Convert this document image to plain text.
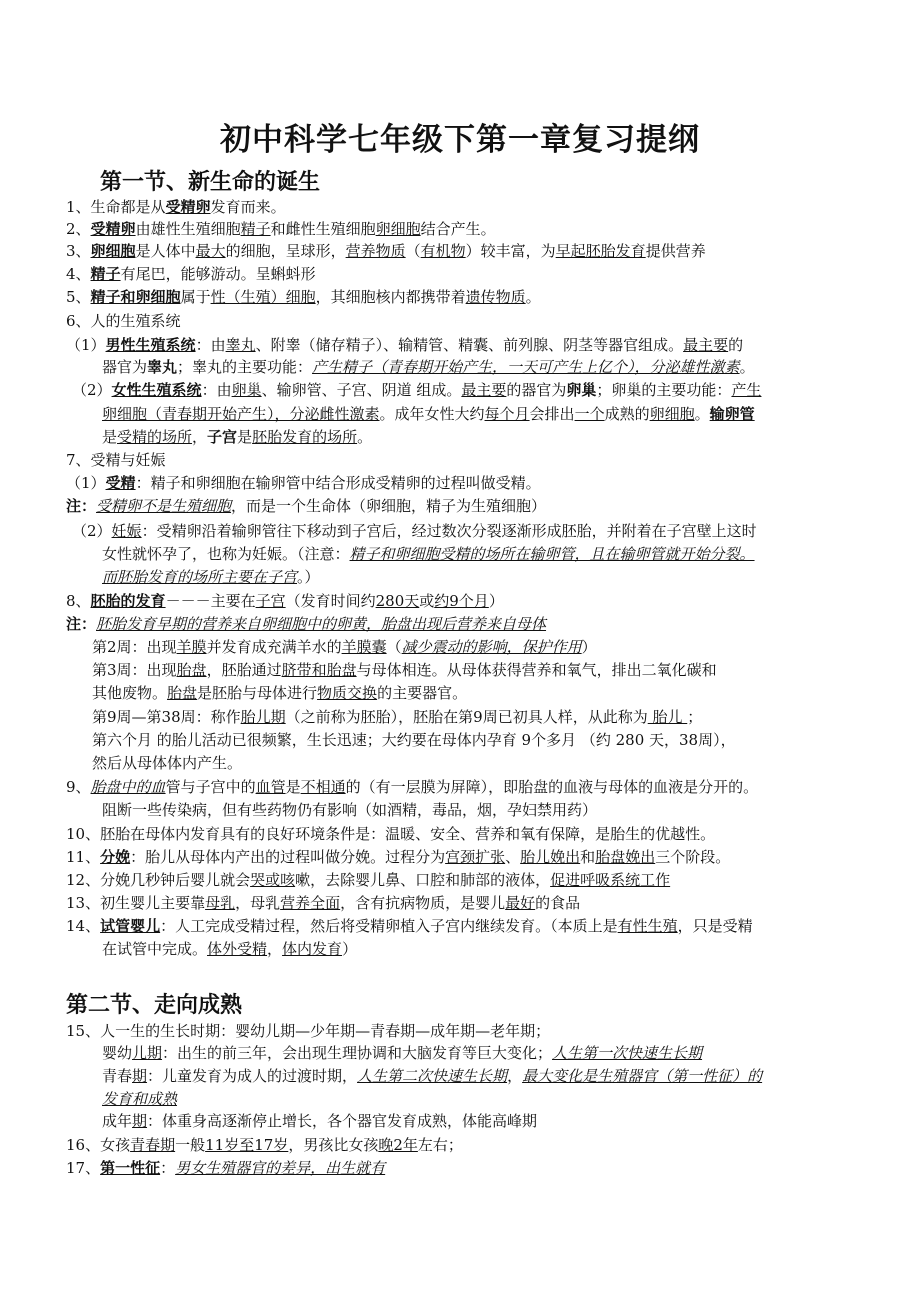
初中科学七年级下第一章复习提纲
第一节、新生命的诞生
第二节、走向成熟
1、生命都是从受精卵发育而来。
2、受精卵由雄性生殖细胞精子和雌性生殖细胞卵细胞结合产生。
3、卵细胞是人体中最大的细胞，呈球形，营养物质（有机物）较丰富，为早起胚胎发育提供营养
4、精子有尾巴，能够游动。呈蝌蚪形
5、精子和卵细胞属于性（生殖）细胞，其细胞核内都携带着遗传物质。
6、人的生殖系统
（1）男性生殖系统：由睾丸、附睾（储存精子）、输精管、精囊、前列腺、阴茎等器官组成。最主要的
器官为睾丸；睾丸的主要功能：产生精子（青春期开始产生，一天可产生上亿个），分泌雄性激素。
（2）女性生殖系统：由卵巢、输卵管、子宫、阴道 组成。最主要的器官为卵巢；卵巢的主要功能：产生
卵细胞（青春期开始产生），分泌雌性激素。成年女性大约每个月会排出一个成熟的卵细胞。输卵管
是受精的场所，子宫是胚胎发育的场所。
7、受精与妊娠
（1）受精：精子和卵细胞在输卵管中结合形成受精卵的过程叫做受精。
注：受精卵不是生殖细胞，而是一个生命体（卵细胞，精子为生殖细胞）
（2）妊娠：受精卵沿着输卵管往下移动到子宫后，经过数次分裂逐渐形成胚胎，并附着在子宫壁上这时
女性就怀孕了，也称为妊娠。（注意：精子和卵细胞受精的场所在输卵管，且在输卵管就开始分裂。
而胚胎发育的场所主要在子宫。）
8、胚胎的发育－－－主要在子宫（发育时间约280天或约9个月）
注：胚胎发育早期的营养来自卵细胞中的卵黄，胎盘出现后营养来自母体
第2周：出现羊膜并发育成充满羊水的羊膜囊（减少震动的影响，保护作用）
第3周：出现胎盘，胚胎通过脐带和胎盘与母体相连。从母体获得营养和氧气，排出二氧化碳和
其他废物。胎盘是胚胎与母体进行物质交换的主要器官。
第9周—第38周：称作胎儿期（之前称为胚胎），胚胎在第9周已初具人样，从此称为 胎儿 ；
第六个月 的胎儿活动已很频繁，生长迅速；大约要在母体内孕育 9个多月 （约 280 天，38周），
然后从母体体内产生。
9、胎盘中的血管与子宫中的血管是不相通的（有一层膜为屏障），即胎盘的血液与母体的血液是分开的。
阻断一些传染病，但有些药物仍有影响（如酒精，毒品，烟，孕妇禁用药）
10、胚胎在母体内发育具有的良好环境条件是：温暖、安全、营养和氧有保障，是胎生的优越性。
11、分娩：胎儿从母体内产出的过程叫做分娩。过程分为宫颈扩张、胎儿娩出和胎盘娩出三个阶段。
12、分娩几秒钟后婴儿就会哭或咳嗽，去除婴儿鼻、口腔和肺部的液体，促进呼吸系统工作
13、初生婴儿主要靠母乳，母乳营养全面，含有抗病物质，是婴儿最好的食品
14、试管婴儿：人工完成受精过程，然后将受精卵植入子宫内继续发育。（本质上是有性生殖，只是受精
在试管中完成。体外受精，体内发育）
15、人一生的生长时期：婴幼儿期—少年期—青春期—成年期—老年期；
婴幼儿期：出生的前三年，会出现生理协调和大脑发育等巨大变化；人生第一次快速生长期
青春期：儿童发育为成人的过渡时期，人生第二次快速生长期，最大变化是生殖器官（第一性征）的
发育和成熟
成年期：体重身高逐渐停止增长，各个器官发育成熟，体能高峰期
16、女孩青春期一般11岁至17岁，男孩比女孩晚2年左右；
17、第一性征：男女生殖器官的差异，出生就有
